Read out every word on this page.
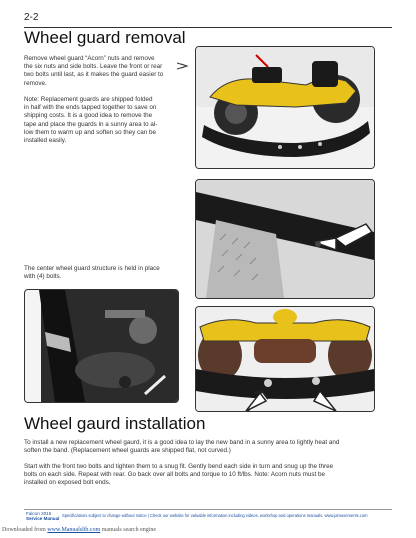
2-2
Wheel guard removal

Remove wheel guard “Acorn” nuts and remove
the six nuts and side bolts. Leave the front or rear
two bolts until last, as it makes the guard easier to
remove.

Note: Replacement guards are shipped folded
in half with the ends tapped together to save on
shipping costs. It is a good idea to remove the
tape and place the guards in a sunny area to al-
low them to warm up and soften so they can be
installed easily.

The center wheel guard structure is held in place
with (4) bolts.

Wheel gaurd installation

To install a new replacement wheel gaurd, it is a good idea to lay the new band in a sunny area to lightly heat and
soften the band. (Replacement wheel guards are shipped flat, not curved.)

Start with the front two bolts and tighten them to a snug fit. Gently bend each side in turn and snug up the three
bolts on each side. Repeat with rear. Go back over all bolts and torque to 10 ft/lbs. Note: Acorn nuts must be
installed on exposed bolt ends.

Falcon 2015
Service Manual
Specifications subject to change without notice | Check our website for valuable information including videos, workshop and operations manuals. www.jamusements.com
Downloaded from www.Manualslib.com manuals search engine
